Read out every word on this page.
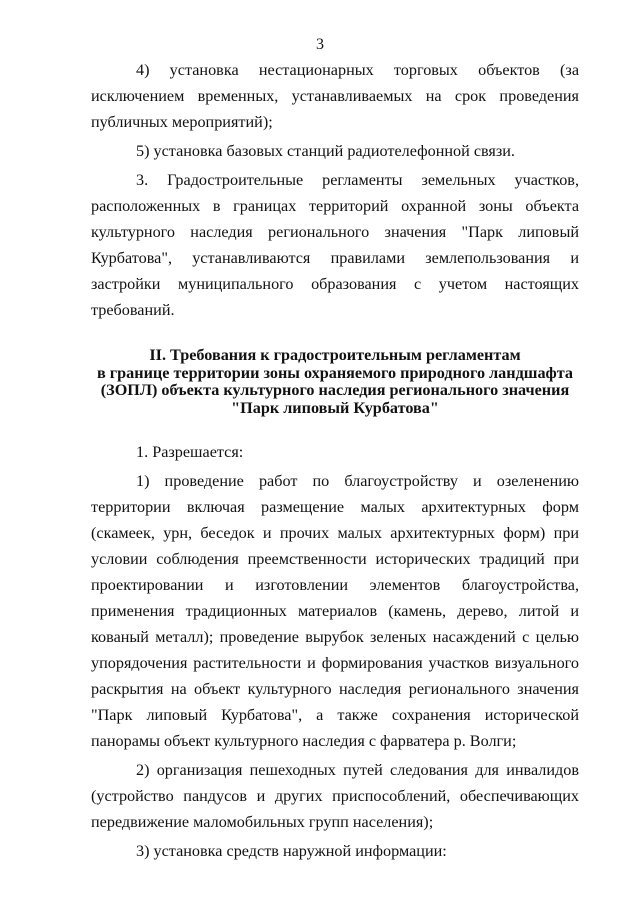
3

4) установка нестационарных торговых объектов (за исключением временных, устанавливаемых на срок проведения публичных мероприятий);

5) установка базовых станций радиотелефонной связи.

3. Градостроительные регламенты земельных участков, расположенных в границах территорий охранной зоны объекта культурного наследия регионального значения "Парк липовый Курбатова", устанавливаются правилами землепользования и застройки муниципального образования с учетом настоящих требований.

II. Требования к градостроительным регламентам
в границе территории зоны охраняемого природного ландшафта
(ЗОПЛ) объекта культурного наследия регионального значения
"Парк липовый Курбатова"

1. Разрешается:

1) проведение работ по благоустройству и озеленению территории включая размещение малых архитектурных форм (скамеек, урн, беседок и прочих малых архитектурных форм) при условии соблюдения преемственности исторических традиций при проектировании и изготовлении элементов благоустройства, применения традиционных материалов (камень, дерево, литой и кованый металл); проведение вырубок зеленых насаждений с целью упорядочения растительности и формирования участков визуального раскрытия на объект культурного наследия регионального значения "Парк липовый Курбатова", а также сохранения исторической панорамы объект культурного наследия с фарватера р. Волги;

2) организация пешеходных путей следования для инвалидов (устройство пандусов и других приспособлений, обеспечивающих передвижение маломобильных групп населения);

3) установка средств наружной информации:
